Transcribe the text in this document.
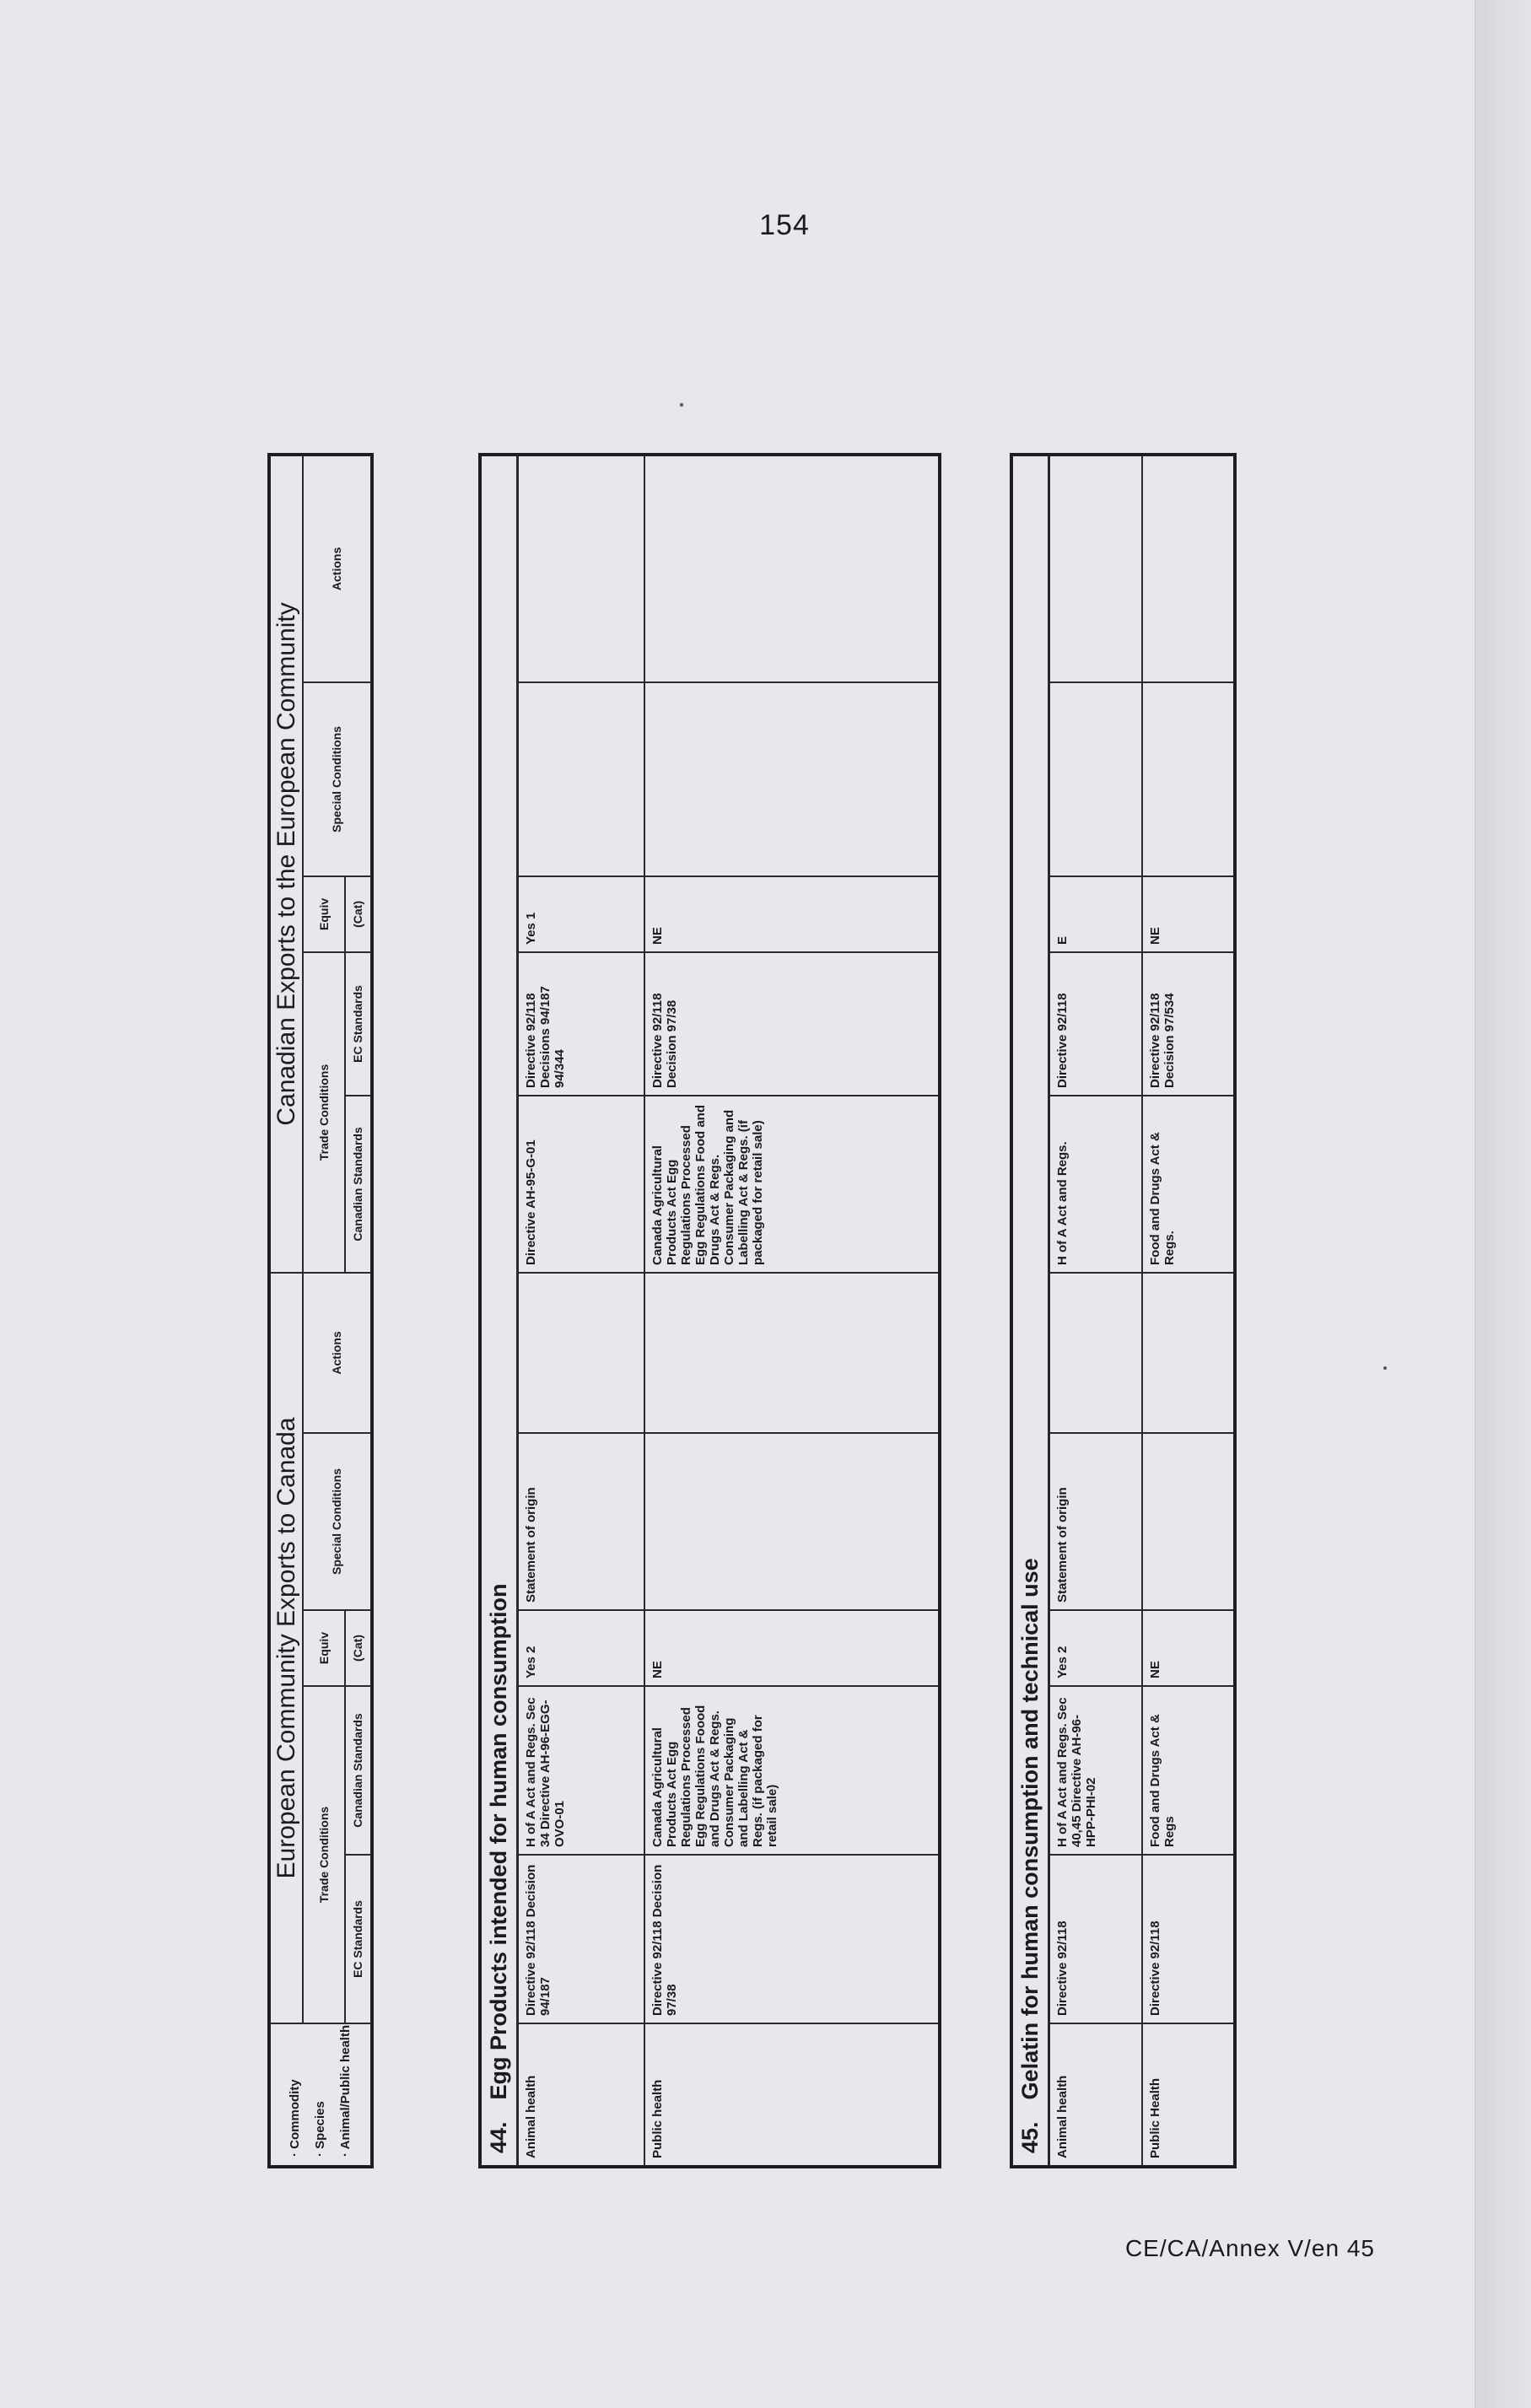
154
· Commodity · Species · Animal/Public health	European Community Exports to Canada					Canadian Exports to the European Community				
	Trade Conditions		Equiv	Special Conditions	Actions	Trade Conditions		Equiv	Special Conditions	Actions
	EC Standards	Canadian Standards	(Cat)			Canadian Standards	EC Standards	(Cat)		
44.Egg Products intended for human consumption										
Animal health	Directive 92/118 Decision 94/187	H of A Act and Regs. Sec 34 Directive AH-96-EGG-OVO-01	Yes 2	Statement of origin		Directive AH-95-G-01	Directive 92/118 Decisions 94/187 94/344	Yes 1		
Public health	Directive 92/118 Decision 97/38	Canada Agricultural Products Act Egg Regulations Processed Egg Regulations Foood and Drugs Act & Regs. Consumer Packaging and Labelling Act & Regs. (if packaged for retail sale)	NE			Canada Agricultural Products Act Egg Regulations Processed Egg Regulations Food and Drugs Act & Regs. Consumer Packaging and Labelling Act & Regs. (if packaged for retail sale)	Directive 92/118 Decision 97/38	NE		
45.Gelatin for human consumption and technical use										
Animal health	Directive 92/118	H of A Act and Regs. Sec 40,45 Directive AH-96-HPP-PHI-02	Yes 2	Statement of origin		H of A Act and Regs.	Directive 92/118	E		
Public Health	Directive 92/118	Food and Drugs Act & Regs	NE			Food and Drugs Act & Regs.	Directive 92/118 Decision 97/534	NE		
CE/CA/Annex V/en 45
